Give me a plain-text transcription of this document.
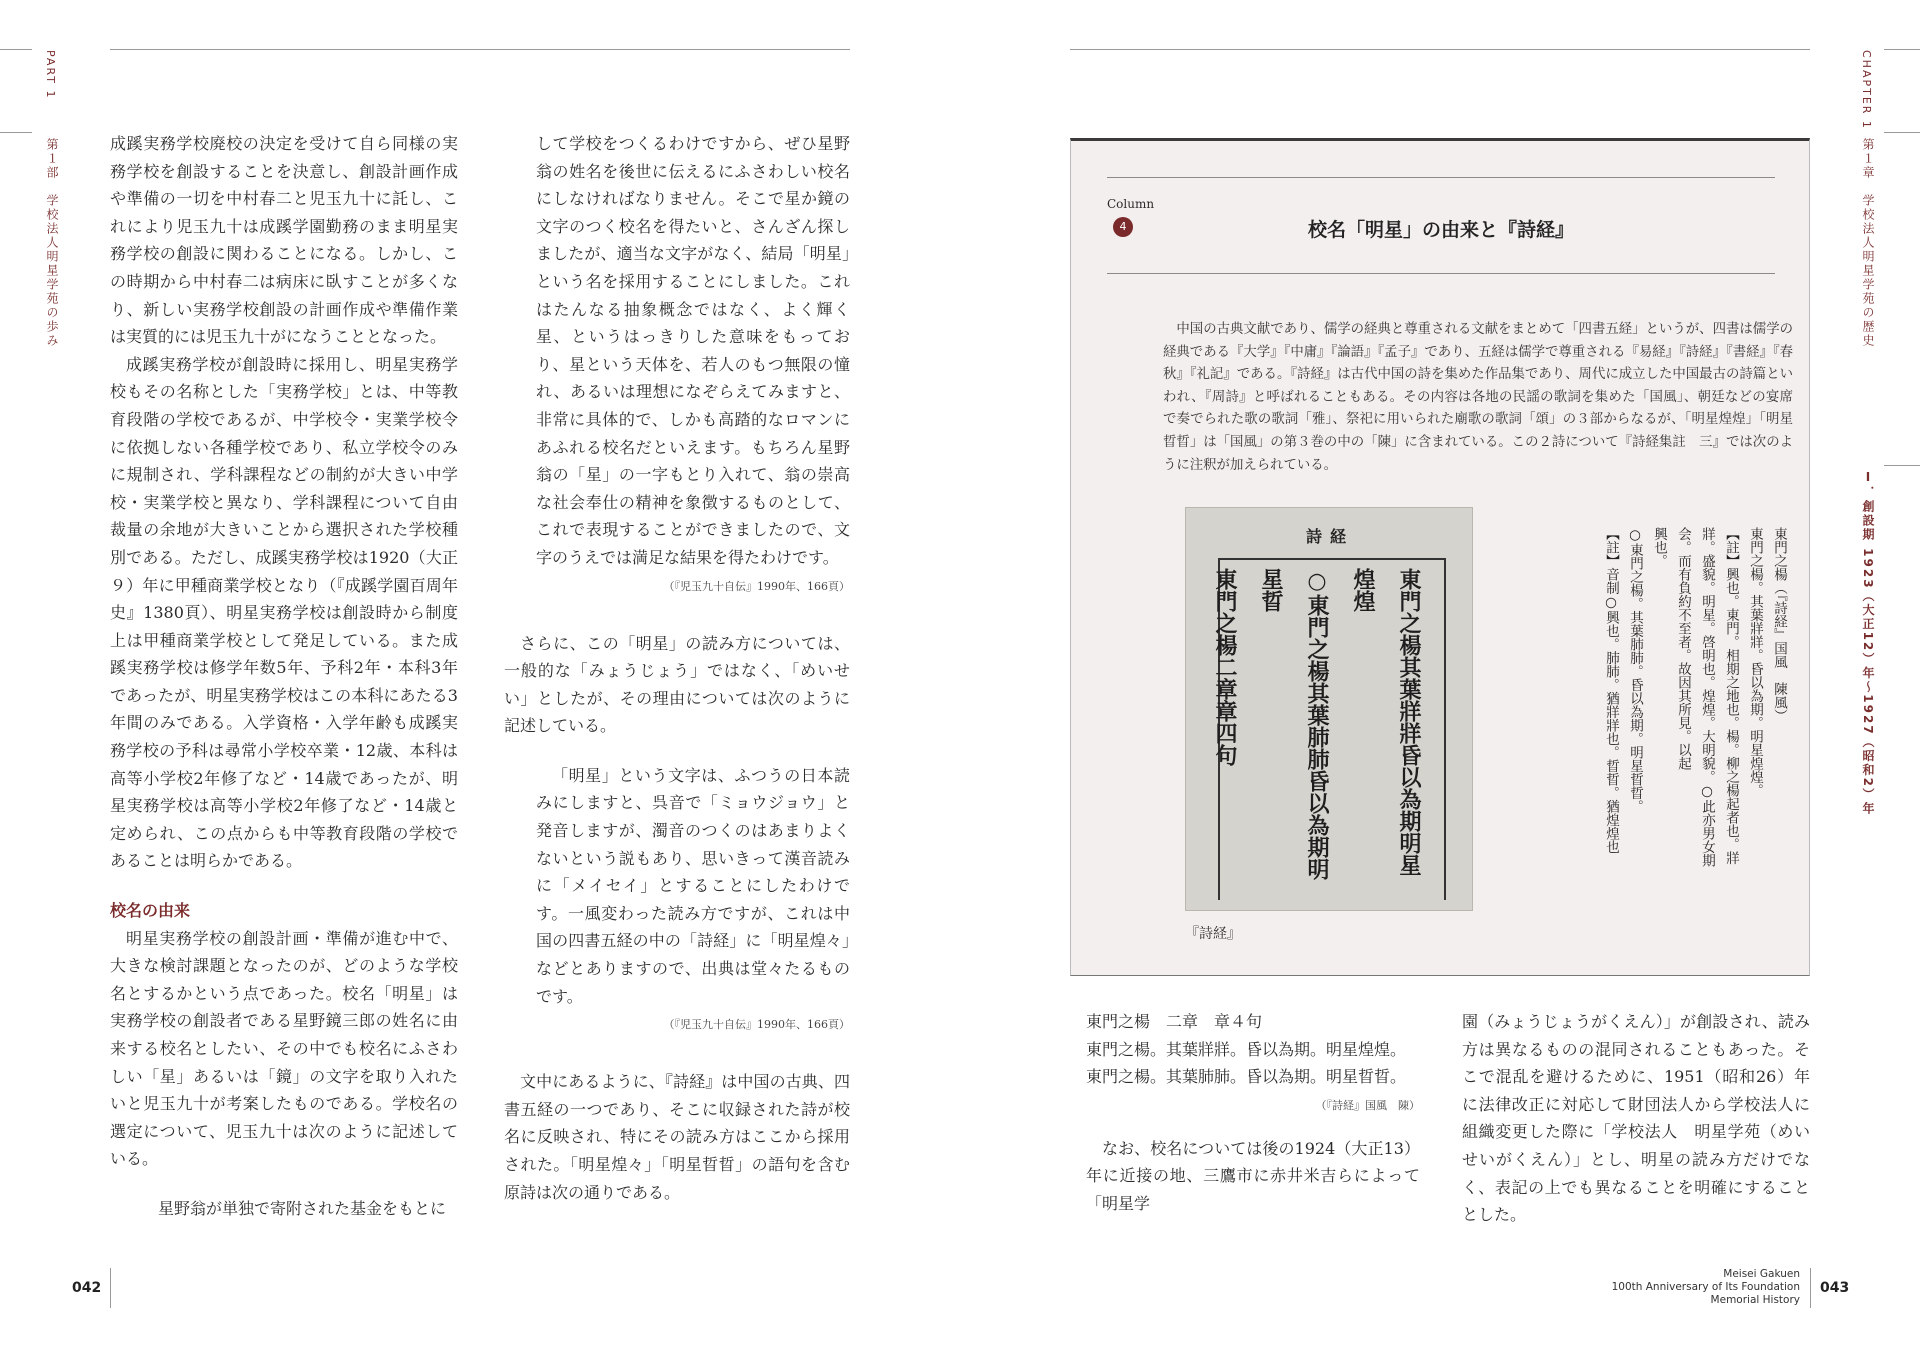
PART 1
第１部　学校法人明星学苑の歩み
CHAPTER 1
第１章　学校法人明星学苑の歴史
Ⅰ．創設期 1923（大正12）年〜1927（昭和2）年

成蹊実務学校廃校の決定を受けて自ら同様の実務学校を創設することを決意し、創設計画作成や準備の一切を中村春二と児玉九十に託し、これにより児玉九十は成蹊学園勤務のまま明星実務学校の創設に関わることになる。しかし、この時期から中村春二は病床に臥すことが多くなり、新しい実務学校創設の計画作成や準備作業は実質的には児玉九十がになうこととなった。

成蹊実務学校が創設時に採用し、明星実務学校もその名称とした「実務学校」とは、中等教育段階の学校であるが、中学校令・実業学校令に依拠しない各種学校であり、私立学校令のみに規制され、学科課程などの制約が大きい中学校・実業学校と異なり、学科課程について自由裁量の余地が大きいことから選択された学校種別である。ただし、成蹊実務学校は1920（大正９）年に甲種商業学校となり（『成蹊学園百周年史』1380頁）、明星実務学校は創設時から制度上は甲種商業学校として発足している。また成蹊実務学校は修学年数5年、予科2年・本科3年であったが、明星実務学校はこの本科にあたる3年間のみである。入学資格・入学年齢も成蹊実務学校の予科は尋常小学校卒業・12歳、本科は高等小学校2年修了など・14歳であったが、明星実務学校は高等小学校2年修了など・14歳と定められ、この点からも中等教育段階の学校であることは明らかである。

校名の由来

明星実務学校の創設計画・準備が進む中で、大きな検討課題となったのが、どのような学校名とするかという点であった。校名「明星」は実務学校の創設者である星野鏡三郎の姓名に由来する校名としたい、その中でも校名にふさわしい「星」あるいは「鏡」の文字を取り入れたいと児玉九十が考案したものである。学校名の選定について、児玉九十は次のように記述している。

星野翁が単独で寄附された基金をもとに

して学校をつくるわけですから、ぜひ星野翁の姓名を後世に伝えるにふさわしい校名にしなければなりません。そこで星か鏡の文字のつく校名を得たいと、さんざん探しましたが、適当な文字がなく、結局「明星」という名を採用することにしました。これはたんなる抽象概念ではなく、よく輝く星、というはっきりした意味をもっており、星という天体を、若人のもつ無限の憧れ、あるいは理想になぞらえてみますと、非常に具体的で、しかも高踏的なロマンにあふれる校名だといえます。もちろん星野翁の「星」の一字もとり入れて、翁の崇高な社会奉仕の精神を象徴するものとして、これで表現することができましたので、文字のうえでは満足な結果を得たわけです。

（『児玉九十自伝』1990年、166頁）

さらに、この「明星」の読み方については、一般的な「みょうじょう」ではなく、「めいせい」としたが、その理由については次のように記述している。

「明星」という文字は、ふつうの日本読みにしますと、呉音で「ミョウジョウ」と発音しますが、濁音のつくのはあまりよくないという説もあり、思いきって漢音読みに「メイセイ」とすることにしたわけです。一風変わった読み方ですが、これは中国の四書五経の中の「詩経」に「明星煌々」などとありますので、出典は堂々たるものです。

（『児玉九十自伝』1990年、166頁）

文中にあるように、『詩経』は中国の古典、四書五経の一つであり、そこに収録された詩が校名に反映され、特にその読み方はここから採用された。「明星煌々」「明星晢晢」の語句を含む原詩は次の通りである。

Column
4	校名「明星」の由来と『詩経』

中国の古典文献であり、儒学の経典と尊重される文献をまとめて「四書五経」というが、四書は儒学の経典である『大学』『中庸』『論語』『孟子』であり、五経は儒学で尊重される『易経』『詩経』『書経』『春秋』『礼記』である。『詩経』は古代中国の詩を集めた作品集であり、周代に成立した中国最古の詩篇といわれ、『周詩』と呼ばれることもある。その内容は各地の民謡の歌詞を集めた「国風」、朝廷などの宴席で奏でられた歌の歌詞「雅」、祭祀に用いられた廟歌の歌詞「頌」の３部からなるが、「明星煌煌」「明星晢晢」は「国風」の第３巻の中の「陳」に含まれている。この２詩について『詩経集註　三』では次のように注釈が加えられている。

詩経
東門之楊其葉牂牂昏以為期明星煌煌
○東門之楊其葉肺肺昏以為期明星晢
東門之楊二章章四句
『詩経』
東門之楊（『詩経』国風　陳風）
東門之楊。其葉牂牂。昏以為期。明星煌煌。
【註】興也。東門。相期之地也。楊。柳之楊起者也。牂
牂。盛貌。明星。啓明也。煌煌。大明貌。○此亦男女期
会。而有負約不至者。故因其所見。以起
興也。
○東門之楊。其葉肺肺。昏以為期。明星晢晢。
【註】音制○興也。肺肺。猶牂牂也。晢晢。猶煌煌也

東門之楊　二章　章４句

東門之楊。其葉牂牂。昏以為期。明星煌煌。

東門之楊。其葉肺肺。昏以為期。明星晢晢。

（『詩経』国風　陳）

なお、校名については後の1924（大正13）年に近接の地、三鷹市に赤井米吉らによって「明星学

園（みょうじょうがくえん）」が創設され、読み方は異なるものの混同されることもあった。そこで混乱を避けるために、1951（昭和26）年に法律改正に対応して財団法人から学校法人に組織変更した際に「学校法人　明星学苑（めいせいがくえん）」とし、明星の読み方だけでなく、表記の上でも異なることを明確にすることとした。

042
Meisei Gakuen
100th Anniversary of Its Foundation
Memorial History
043
